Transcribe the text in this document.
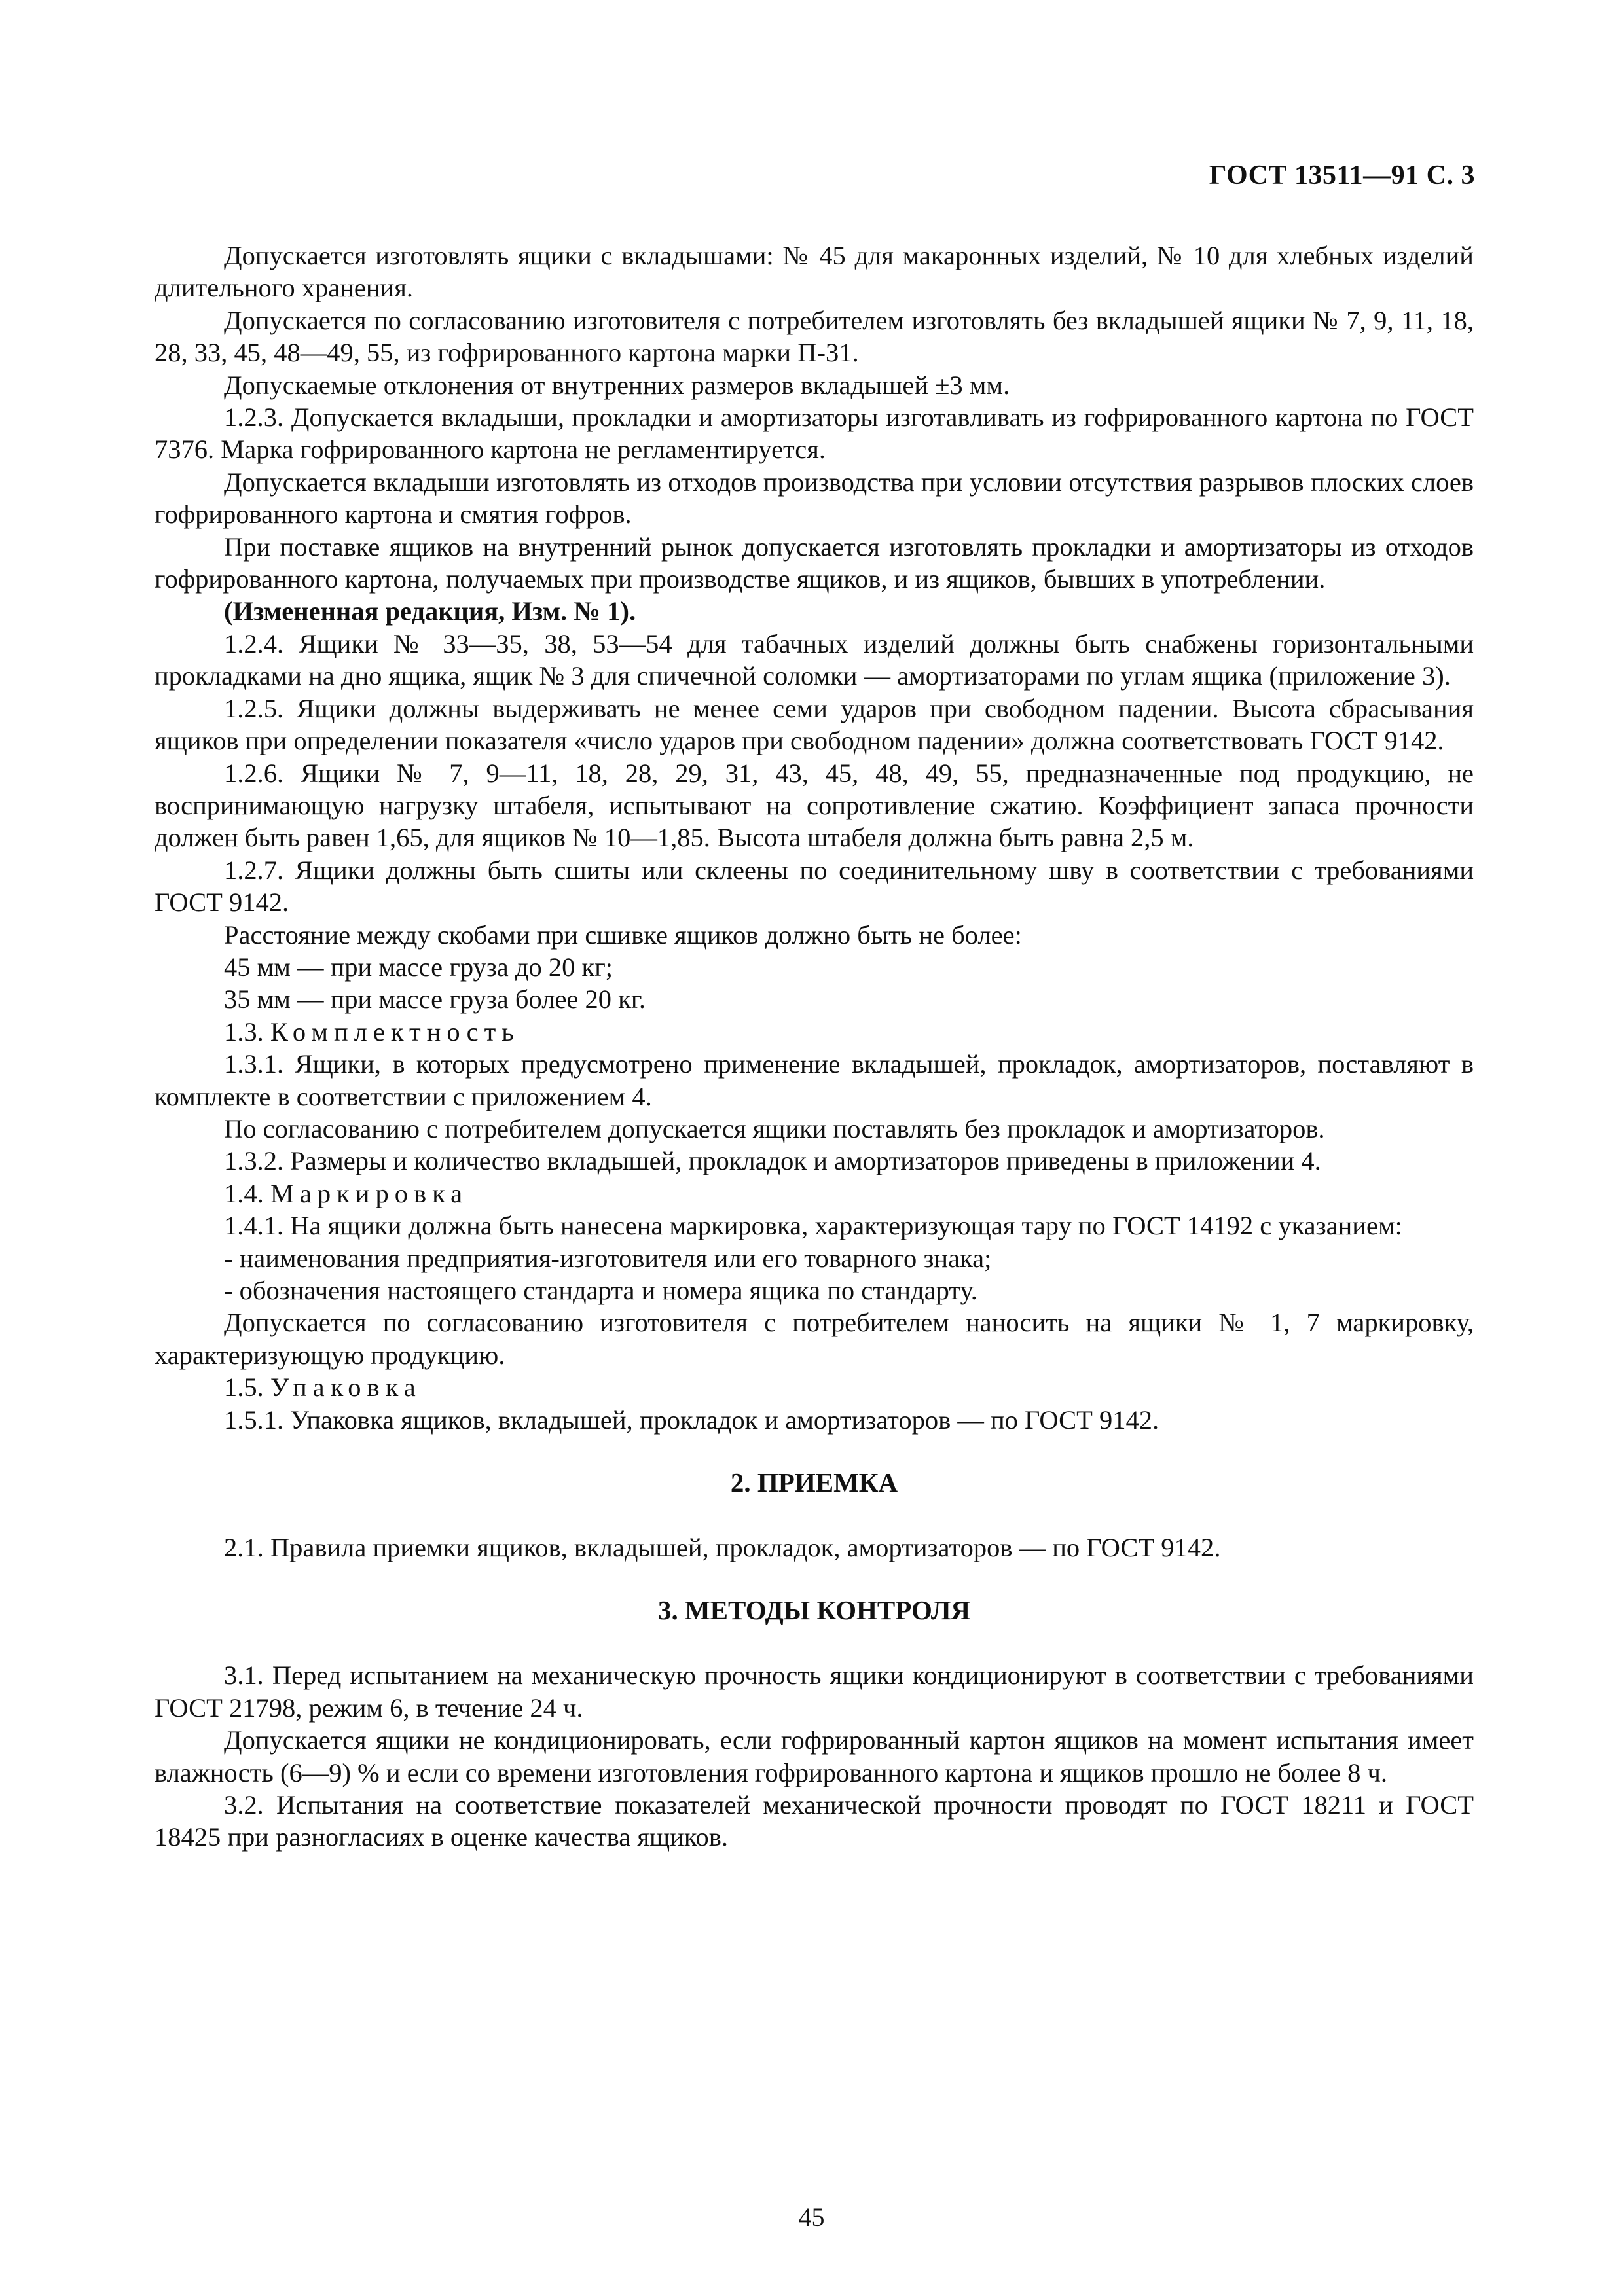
ГОСТ 13511—91 С. 3

Допускается изготовлять ящики с вкладышами: № 45 для макаронных изделий, № 10 для хлебных изделий длительного хранения.

Допускается по согласованию изготовителя с потребителем изготовлять без вкладышей ящики № 7, 9, 11, 18, 28, 33, 45, 48—49, 55, из гофрированного картона марки П-31.

Допускаемые отклонения от внутренних размеров вкладышей ±3 мм.

1.2.3. Допускается вкладыши, прокладки и амортизаторы изготавливать из гофрированного картона по ГОСТ 7376. Марка гофрированного картона не регламентируется.

Допускается вкладыши изготовлять из отходов производства при условии отсутствия разрывов плоских слоев гофрированного картона и смятия гофров.

При поставке ящиков на внутренний рынок допускается изготовлять прокладки и амортизаторы из отходов гофрированного картона, получаемых при производстве ящиков, и из ящиков, бывших в употреблении.

(Измененная редакция, Изм. № 1).

1.2.4. Ящики № 33—35, 38, 53—54 для табачных изделий должны быть снабжены горизонтальными прокладками на дно ящика, ящик № 3 для спичечной соломки — амортизаторами по углам ящика (приложение 3).

1.2.5. Ящики должны выдерживать не менее семи ударов при свободном падении. Высота сбрасывания ящиков при определении показателя «число ударов при свободном падении» должна соответствовать ГОСТ 9142.

1.2.6. Ящики № 7, 9—11, 18, 28, 29, 31, 43, 45, 48, 49, 55, предназначенные под продукцию, не воспринимающую нагрузку штабеля, испытывают на сопротивление сжатию. Коэффициент запаса прочности должен быть равен 1,65, для ящиков № 10—1,85. Высота штабеля должна быть равна 2,5 м.

1.2.7. Ящики должны быть сшиты или склеены по соединительному шву в соответствии с требованиями ГОСТ 9142.

Расстояние между скобами при сшивке ящиков должно быть не более:

45 мм — при массе груза до 20 кг;

35 мм — при массе груза более 20 кг.

1.3. Комплектность

1.3.1. Ящики, в которых предусмотрено применение вкладышей, прокладок, амортизаторов, поставляют в комплекте в соответствии с приложением 4.

По согласованию с потребителем допускается ящики поставлять без прокладок и амортизаторов.

1.3.2. Размеры и количество вкладышей, прокладок и амортизаторов приведены в приложении 4.

1.4. Маркировка

1.4.1. На ящики должна быть нанесена маркировка, характеризующая тару по ГОСТ 14192 с указанием:

- наименования предприятия-изготовителя или его товарного знака;

- обозначения настоящего стандарта и номера ящика по стандарту.

Допускается по согласованию изготовителя с потребителем наносить на ящики № 1, 7 маркировку, характеризующую продукцию.

1.5. Упаковка

1.5.1. Упаковка ящиков, вкладышей, прокладок и амортизаторов — по ГОСТ 9142.

2. ПРИЕМКА

2.1. Правила приемки ящиков, вкладышей, прокладок, амортизаторов — по ГОСТ 9142.

3. МЕТОДЫ КОНТРОЛЯ

3.1. Перед испытанием на механическую прочность ящики кондиционируют в соответствии с требованиями ГОСТ 21798, режим 6, в течение 24 ч.

Допускается ящики не кондиционировать, если гофрированный картон ящиков на момент испытания имеет влажность (6—9) % и если со времени изготовления гофрированного картона и ящиков прошло не более 8 ч.

3.2. Испытания на соответствие показателей механической прочности проводят по ГОСТ 18211 и ГОСТ 18425 при разногласиях в оценке качества ящиков.

45
